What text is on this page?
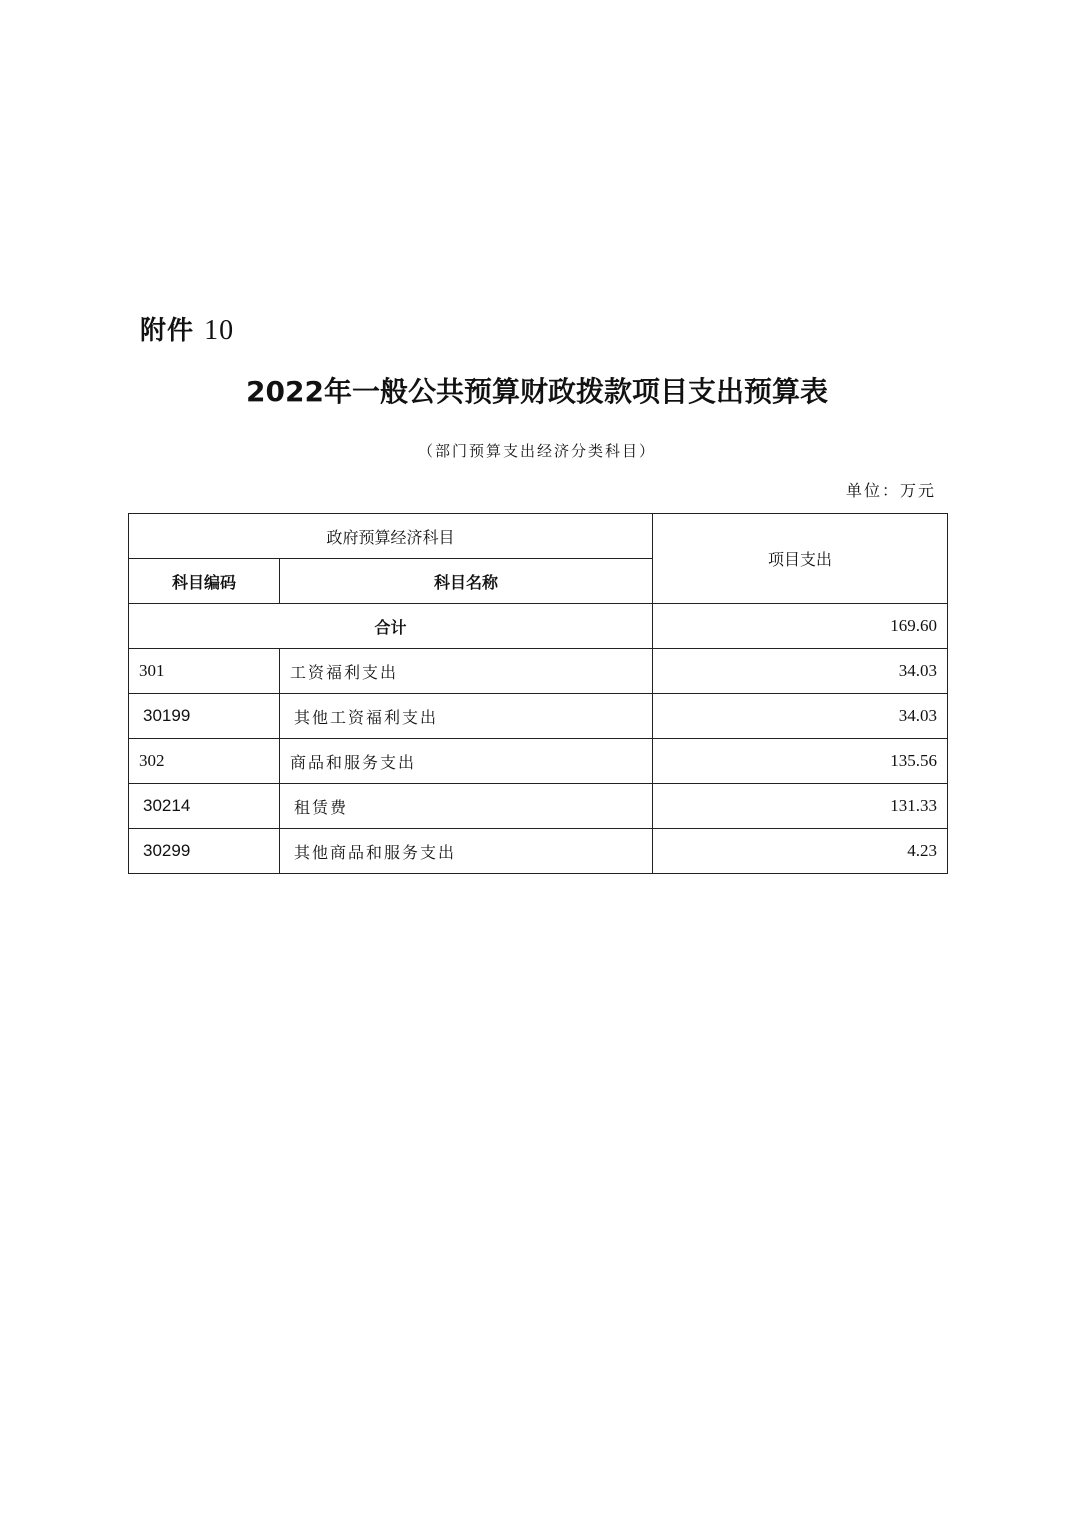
附件 10
2022年一般公共预算财政拨款项目支出预算表
（部门预算支出经济分类科目）
单位：万元
政府预算经济科目		项目支出
科目编码	科目名称	
合计		169.60
301	工资福利支出	34.03
30199	其他工资福利支出	34.03
302	商品和服务支出	135.56
30214	租赁费	131.33
30299	其他商品和服务支出	4.23
